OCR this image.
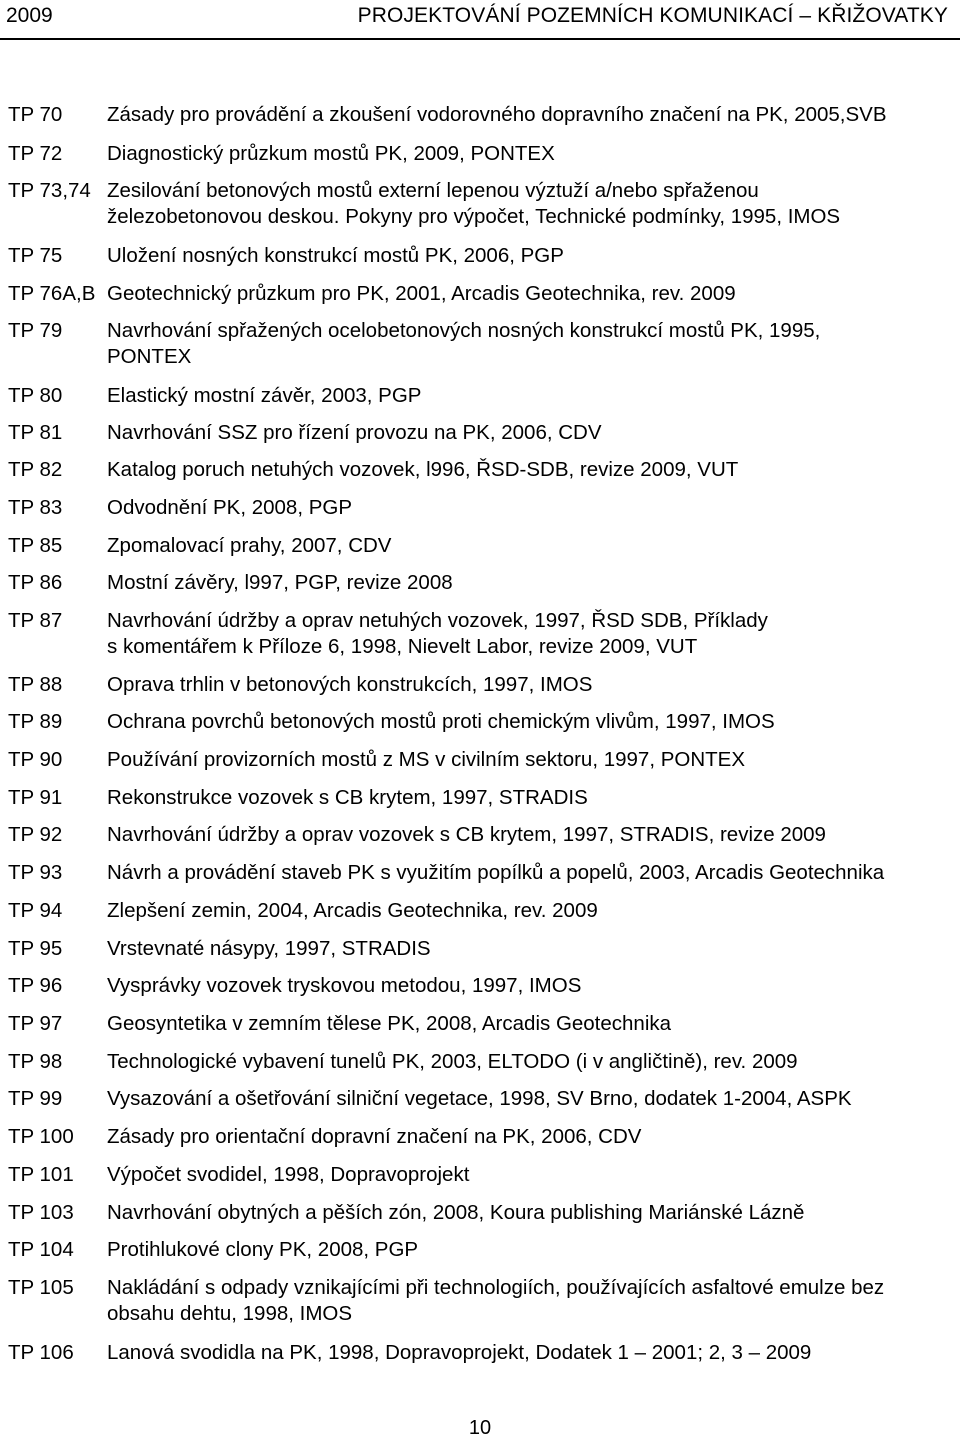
2009	PROJEKTOVÁNÍ POZEMNÍCH KOMUNIKACÍ – KŘIŽOVATKY
TP 70 Zásady pro provádění a zkoušení vodorovného dopravního značení na PK, 2005,SVB
TP 72 Diagnostický průzkum mostů PK, 2009, PONTEX
TP 73,74 Zesilování betonových mostů externí lepenou výztuží a/nebo spřaženou
železobetonovou deskou. Pokyny pro výpočet, Technické podmínky, 1995, IMOS
TP 75 Uložení nosných konstrukcí mostů PK, 2006, PGP
TP 76A,B Geotechnický průzkum pro PK, 2001, Arcadis Geotechnika, rev. 2009
TP 79 Navrhování spřažených ocelobetonových nosných konstrukcí mostů PK, 1995,
PONTEX
TP 80 Elastický mostní závěr, 2003, PGP
TP 81 Navrhování SSZ pro řízení provozu na PK, 2006, CDV
TP 82 Katalog poruch netuhých vozovek, l996, ŘSD-SDB, revize 2009, VUT
TP 83 Odvodnění PK, 2008, PGP
TP 85 Zpomalovací prahy, 2007, CDV
TP 86 Mostní závěry, l997, PGP, revize 2008
TP 87 Navrhování údržby a oprav netuhých vozovek, 1997, ŘSD SDB, Příklady
s komentářem k Příloze 6, 1998, Nievelt Labor, revize 2009, VUT
TP 88 Oprava trhlin v betonových konstrukcích, 1997, IMOS
TP 89 Ochrana povrchů betonových mostů proti chemickým vlivům, 1997, IMOS
TP 90 Používání provizorních mostů z MS v civilním sektoru, 1997, PONTEX
TP 91 Rekonstrukce vozovek s CB krytem, 1997, STRADIS
TP 92 Navrhování údržby a oprav vozovek s CB krytem, 1997, STRADIS, revize 2009
TP 93 Návrh a provádění staveb PK s využitím popílků a popelů, 2003, Arcadis Geotechnika
TP 94 Zlepšení zemin, 2004, Arcadis Geotechnika, rev. 2009
TP 95 Vrstevnaté násypy, 1997, STRADIS
TP 96 Vysprávky vozovek tryskovou metodou, 1997, IMOS
TP 97 Geosyntetika v zemním tělese PK, 2008, Arcadis Geotechnika
TP 98 Technologické vybavení tunelů PK, 2003, ELTODO (i v angličtině), rev. 2009
TP 99 Vysazování a ošetřování silniční vegetace, 1998, SV Brno, dodatek 1-2004, ASPK
TP 100 Zásady pro orientační dopravní značení na PK, 2006, CDV
TP 101 Výpočet svodidel, 1998, Dopravoprojekt
TP 103 Navrhování obytných a pěších zón, 2008, Koura publishing Mariánské Lázně
TP 104 Protihlukové clony PK, 2008, PGP
TP 105 Nakládání s odpady vznikajícími při technologiích, používajících asfaltové emulze bez
obsahu dehtu, 1998, IMOS
TP 106 Lanová svodidla na PK, 1998, Dopravoprojekt, Dodatek 1 – 2001; 2, 3 – 2009
10
